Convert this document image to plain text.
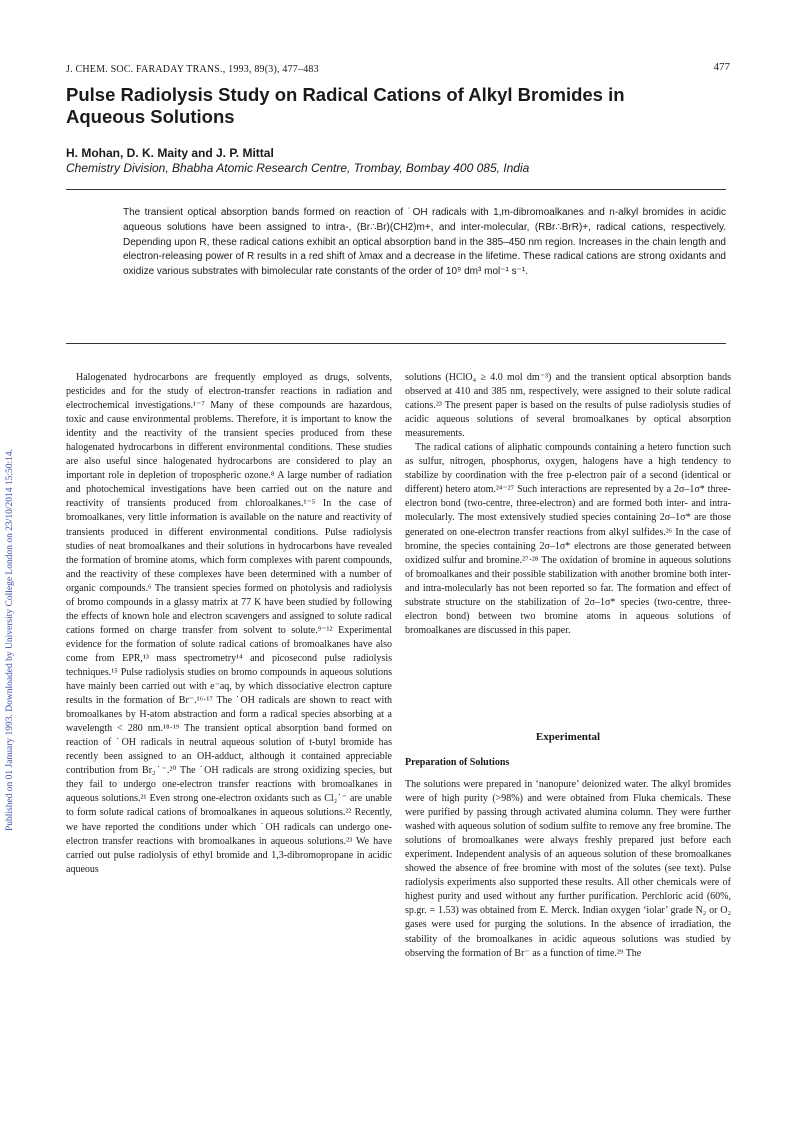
Published on 01 January 1993. Downloaded by University College London on 23/10/2014 15:50:14.
J. CHEM. SOC. FARADAY TRANS., 1993, 89(3), 477–483	477
Pulse Radiolysis Study on Radical Cations of Alkyl Bromides in Aqueous Solutions

H. Mohan, D. K. Maity and J. P. Mittal

Chemistry Division, Bhabha Atomic Research Centre, Trombay, Bombay 400 085, India

The transient optical absorption bands formed on reaction of ˙OH radicals with 1,m-dibromoalkanes and n-alkyl bromides in acidic aqueous solutions have been assigned to intra-, (Br∴Br)(CH2)m+, and inter-molecular, (RBr∴BrR)+, radical cations, respectively. Depending upon R, these radical cations exhibit an optical absorption band in the 385–450 nm region. Increases in the chain length and electron-releasing power of R results in a red shift of λmax and a decrease in the lifetime. These radical cations are strong oxidants and oxidize various substrates with bimolecular rate constants of the order of 10⁹ dm³ mol⁻¹ s⁻¹.

Halogenated hydrocarbons are frequently employed as drugs, solvents, pesticides and for the study of electron-transfer reactions in radiation and electrochemical investigations.¹⁻⁷ Many of these compounds are hazardous, toxic and cause environmental problems. Therefore, it is important to know the identity and the reactivity of the transient species produced from these halogenated hydrocarbons in different environmental conditions. These studies are also useful since halogenated hydrocarbons are considered to play an important role in depletion of tropospheric ozone.⁸ A large number of radiation and photochemical investigations have been carried out on the nature and reactivity of transients produced from chloroalkanes.¹⁻⁵ In the case of bromoalkanes, very little information is available on the nature and reactivity of transients produced in different environmental conditions. Pulse radiolysis studies of neat bromoalkanes and their solutions in hydrocarbons have revealed the formation of bromine atoms, which form complexes with parent compounds, and the reactivity of these complexes have been determined with a number of organic compounds.⁶ The transient species formed on photolysis and radiolysis of bromo compounds in a glassy matrix at 77 K have been studied by following the effects of known hole and electron scavengers and assigned to solute radical cations formed on charge transfer from solvent to solute.⁹⁻¹² Experimental evidence for the formation of solute radical cations of bromoalkanes have also come from EPR,¹³ mass spectrometry¹⁴ and picosecond pulse radiolysis techniques.¹⁵ Pulse radiolysis studies on bromo compounds in aqueous solutions have mainly been carried out with e⁻aq, by which dissociative electron capture results in the formation of Br⁻.¹⁶·¹⁷ The ˙OH radicals are shown to react with bromoalkanes by H-atom abstraction and form a radical species absorbing at a wavelength < 280 nm.¹⁸·¹⁹ The transient optical absorption band formed on reaction of ˙OH radicals in neutral aqueous solution of t-butyl bromide has recently been assigned to an OH-adduct, although it contained appreciable contribution from Br₂˙⁻.²⁰ The ˙OH radicals are strong oxidizing species, but they fail to undergo one-electron transfer reactions with bromoalkanes in aqueous solutions.²¹ Even strong one-electron oxidants such as Cl₂˙⁻ are unable to form solute radical cations of bromoalkanes in aqueous solutions.²² Recently, we have reported the conditions under which ˙OH radicals can undergo one-electron transfer reactions with bromoalkanes in aqueous solutions.²³ We have carried out pulse radiolysis of ethyl bromide and 1,3-dibromopropane in acidic aqueous

solutions (HClO₄ ≥ 4.0 mol dm⁻³) and the transient optical absorption bands observed at 410 and 385 nm, respectively, were assigned to their solute radical cations.²³ The present paper is based on the results of pulse radiolysis studies of acidic aqueous solutions of several bromoalkanes by optical absorption measurements.

The radical cations of aliphatic compounds containing a hetero function such as sulfur, nitrogen, phosphorus, oxygen, halogens have a high tendency to stabilize by coordination with the free p-electron pair of a second (identical or different) hetero atom.²⁴⁻²⁷ Such interactions are represented by a 2σ–1σ* three-electron bond (two-centre, three-electron) and are formed both inter- and intra-molecularly. The most extensively studied species containing 2σ–1σ* are those generated on one-electron transfer reactions from alkyl sulfides.²⁶ In the case of bromine, the species containing 2σ–1σ* electrons are those generated between oxidized sulfur and bromine.²⁷·²⁸ The oxidation of bromine in aqueous solutions of bromoalkanes and their possible stabilization with another bromine both inter- and intra-molecularly has not been reported so far. The formation and effect of substrate structure on the stabilization of 2σ–1σ* species (two-centre, three-electron bond) between two bromine atoms in aqueous solutions of bromoalkanes are discussed in this paper.

Experimental
Preparation of Solutions

The solutions were prepared in ‘nanopure’ deionized water. The alkyl bromides were of high purity (>98%) and were obtained from Fluka chemicals. These were purified by passing through activated alumina column. They were further washed with aqueous solution of sodium sulfite to remove any free bromine. The solutions of bromoalkanes were always freshly prepared just before each experiment. Independent analysis of an aqueous solution of these bromoalkanes showed the absence of free bromine with most of the solutes (see text). Pulse radiolysis experiments also supported these results. All other chemicals were of highest purity and used without any further purification. Perchloric acid (60%, sp.gr. = 1.53) was obtained from E. Merck. Indian oxygen ‘iolar’ grade N₂ or O₂ gases were used for purging the solutions. In the absence of irradiation, the stability of the bromoalkanes in acidic aqueous solutions was studied by observing the formation of Br⁻ as a function of time.²⁹ The
